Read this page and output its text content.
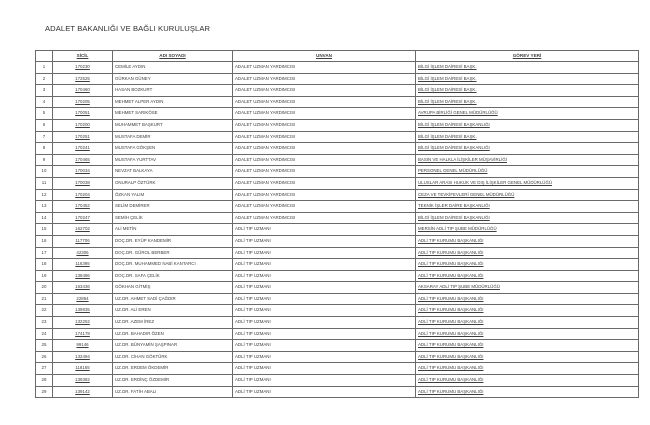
ADALET BAKANLIĞI VE BAĞLI KURULUŞLAR
	SİCİL	ADI SOYADI	UNVAN	GÖREV YERİ
1	170230	CEMİLE AYDIN	ADALET UZMAN YARDIMCISI	BİLGİ İŞLEM DAİRESİ BAŞK.
2	172525	GÜRKAN GÜNEY	ADALET UZMAN YARDIMCISI	BİLGİ İŞLEM DAİRESİ BAŞK.
3	170460	HASAN BOZKURT	ADALET UZMAN YARDIMCISI	BİLGİ İŞLEM DAİRESİ BAŞK.
4	170205	MEHMET ALPER AYDIN	ADALET UZMAN YARDIMCISI	BİLGİ İŞLEM DAİRESİ BAŞK.
5	170051	MEHMET SARIKÖSE	ADALET UZMAN YARDIMCISI	AVRUPA BİRLİĞİ GENEL MÜDÜRLÜĞÜ
6	170200	MUHAMMET BAŞKURT	ADALET UZMAN YARDIMCISI	BİLGİ İŞLEM DAİRESİ BAŞKANLIĞI
7	170251	MUSTAFA DEMİR	ADALET UZMAN YARDIMCISI	BİLGİ İŞLEM DAİRESİ BAŞK.
8	170241	MUSTAFA GÖKŞEN	ADALET UZMAN YARDIMCISI	BİLGİ İŞLEM DAİRESİ BAŞKANLIĞI
9	170465	MUSTAFA YURTTAV	ADALET UZMAN YARDIMCISI	BASIN VE HALKLA İLİŞKİLER MÜŞAVİRLİĞİ
10	170034	NEVZAT BALKAYA	ADALET UZMAN YARDIMCISI	PERSONEL GENEL MÜDÜRLÜĞÜ
11	170038	ONURALP ÖZTÜRK	ADALET UZMAN YARDIMCISI	ULUSLAR ARASI HUKUK VE DIŞ İLİŞKİLER GENEL MÜDÜRLÜĞÜ
12	170204	ÖZKAN YALIM	ADALET UZMAN YARDIMCISI	CEZA VE TEVKİFEVLERİ GENEL MÜDÜRLÜĞÜ
13	170452	SELİM DEMİRER	ADALET UZMAN YARDIMCISI	TEKNİK İŞLER DAİRE BAŞKANLIĞI
14	170247	SEMİH ÇELİK	ADALET UZMAN YARDIMCISI	BİLGİ İŞLEM DAİRESİ BAŞKANLIĞI
15	162702	ALİ METİN	ADLİ TIP UZMANI	MERSİN ADLİ TIP ŞUBE MÜDÜRLÜĞÜ
16	117706	DOÇ.DR. EYÜP KANDEMİR	ADLİ TIP UZMANI	ADLİ TIP KURUMU BAŞKANLIĞI
17	42306	DOÇ.DR. GÜROL BERBER	ADLİ TIP UZMANI	ADLİ TIP KURUMU BAŞKANLIĞI
18	116395	DOÇ.DR. MUHAMMED NABİ KANTARCI	ADLİ TIP UZMANI	ADLİ TIP KURUMU BAŞKANLIĞI
19	138486	DOÇ.DR. SAFA ÇELİK	ADLİ TIP UZMANI	ADLİ TIP KURUMU BAŞKANLIĞI
20	163436	GÖKHAN GİTMİŞ	ADLİ TIP UZMANI	AKSARAY ADLİ TIP ŞUBE MÜDÜRLÜĞÜ
21	22864	UZ.DR. AHMET SADİ ÇAĞDIR	ADLİ TIP UZMANI	ADLİ TIP KURUMU BAŞKANLIĞI
22	139835	UZ.DR. ALİ EREN	ADLİ TIP UZMANI	ADLİ TIP KURUMU BAŞKANLIĞI
23	132252	UZ.DR. AZEM İREZ	ADLİ TIP UZMANI	ADLİ TIP KURUMU BAŞKANLIĞI
24	174178	UZ.DR. BAHADIR ÖZEN	ADLİ TIP UZMANI	ADLİ TIP KURUMU BAŞKANLIĞI
25	99146	UZ.DR. BÜNYAMİN ŞAŞPINAR	ADLİ TIP UZMANI	ADLİ TIP KURUMU BAŞKANLIĞI
26	132494	UZ.DR. CİHAN GÖKTÜRK	ADLİ TIP UZMANI	ADLİ TIP KURUMU BAŞKANLIĞI
27	118165	UZ.DR. ERDEM ÖKDEMİR	ADLİ TIP UZMANI	ADLİ TIP KURUMU BAŞKANLIĞI
28	139382	UZ.DR. ERDİNÇ ÖZDEMİR	ADLİ TIP UZMANI	ADLİ TIP KURUMU BAŞKANLIĞI
29	139142	UZ.DR. FATİH ABALI	ADLİ TIP UZMANI	ADLİ TIP KURUMU BAŞKANLIĞI
